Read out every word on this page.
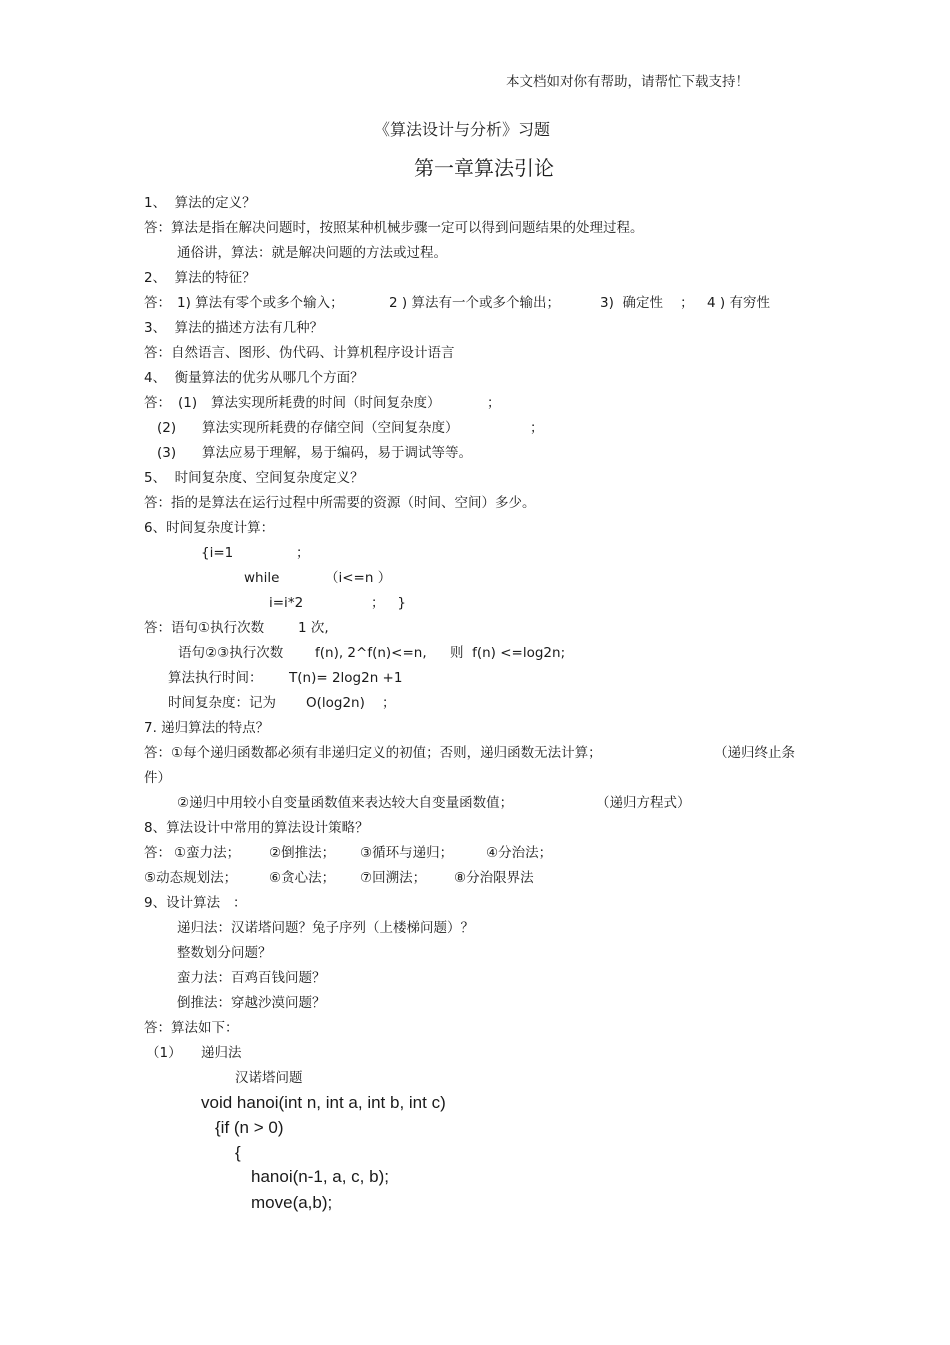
本文档如对你有帮助，请帮忙下载支持！
《算法设计与分析》习题
第一章算法引论
1、  算法的定义？
答：算法是指在解决问题时，按照某种机械步骤一定可以得到问题结果的处理过程。
通俗讲，算法：就是解决问题的方法或过程。
2、  算法的特征？
答： 1) 算法有零个或多个输入；	2 ) 算法有一个或多个输出；	3)  确定性    ； 4 ) 有穷性
3、  算法的描述方法有几种？
答：自然语言、图形、伪代码、计算机程序设计语言
4、  衡量算法的优劣从哪几个方面？
答： (1) 算法实现所耗费的时间（时间复杂度）	；
(2) 算法实现所耗费的存储空间（空间复杂度）	；
(3) 算法应易于理解，易于编码，易于调试等等。
5、  时间复杂度、空间复杂度定义？
答：指的是算法在运行过程中所需要的资源（时间、空间）多少。
6、时间复杂度计算：
{i=1	；
while	（i<=n ）
i=i*2	；   }
答：语句①执行次数	1 次,
语句②③执行次数 f(n), 2^f(n)<=n, 则  f(n) <=log2n;
算法执行时间： T(n)= 2log2n +1
时间复杂度：记为 O(log2n) ；
7. 递归算法的特点？
答：①每个递归函数都必须有非递归定义的初值；否则，递归函数无法计算；	（递归终止条
件）
②递归中用较小自变量函数值来表达较大自变量函数值；	（递归方程式）
8、算法设计中常用的算法设计策略？
答： ①蛮力法； ②倒推法； ③循环与递归； ④分治法；
⑤动态规划法； ⑥贪心法； ⑦回溯法； ⑧分治限界法
9、设计算法   ：
递归法：汉诺塔问题？兔子序列（上楼梯问题）？
整数划分问题？
蛮力法：百鸡百钱问题？
倒推法：穿越沙漠问题？
答：算法如下：
（1） 递归法
汉诺塔问题
void hanoi(int n, int a, int b, int c)
{if (n > 0)
{
hanoi(n-1, a, c, b);
move(a,b);
